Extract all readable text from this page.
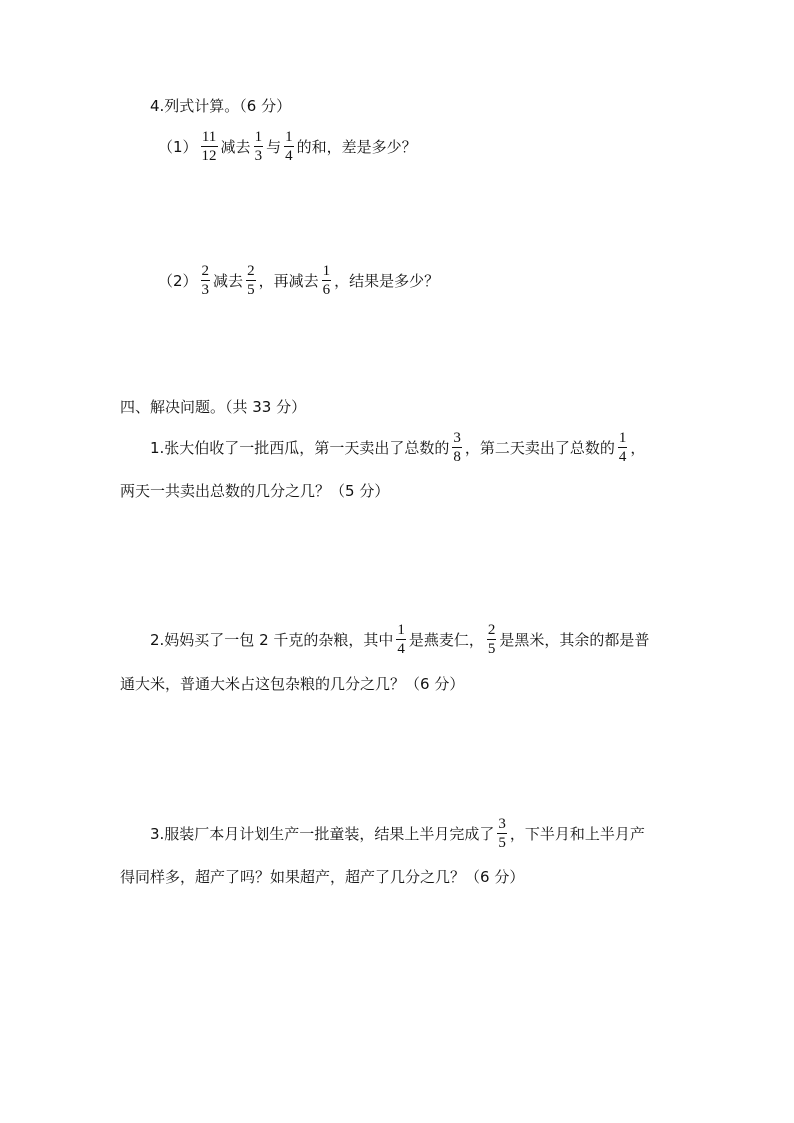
4.列式计算。（6 分）
$(1) \frac{11}{12}$ 减去 $\frac{1}{3}$ 与 $\frac{1}{4}$ 的和，差是多少？
$(2) \frac{2}{3}$ 减去 $\frac{2}{5}$ ，再减去 $\frac{1}{6}$ ，结果是多少？
四、解决问题。（共 33 分）
1.张大伯收了一批西瓜，第一天卖出了总数的 $\frac{3}{8}$ ，第二天卖出了总数的 $\frac{1}{4}$ ，
两天一共卖出总数的几分之几？（5 分）
2.妈妈买了一包 2 千克的杂粮，其中 $\frac{1}{4}$ 是燕麦仁， $\frac{2}{5}$ 是黑米，其余的都是普
通大米，普通大米占这包杂粮的几分之几？（6 分）
3.服装厂本月计划生产一批童装，结果上半月完成了 $\frac{3}{5}$ ，下半月和上半月产
得同样多，超产了吗？如果超产，超产了几分之几？（6 分）
